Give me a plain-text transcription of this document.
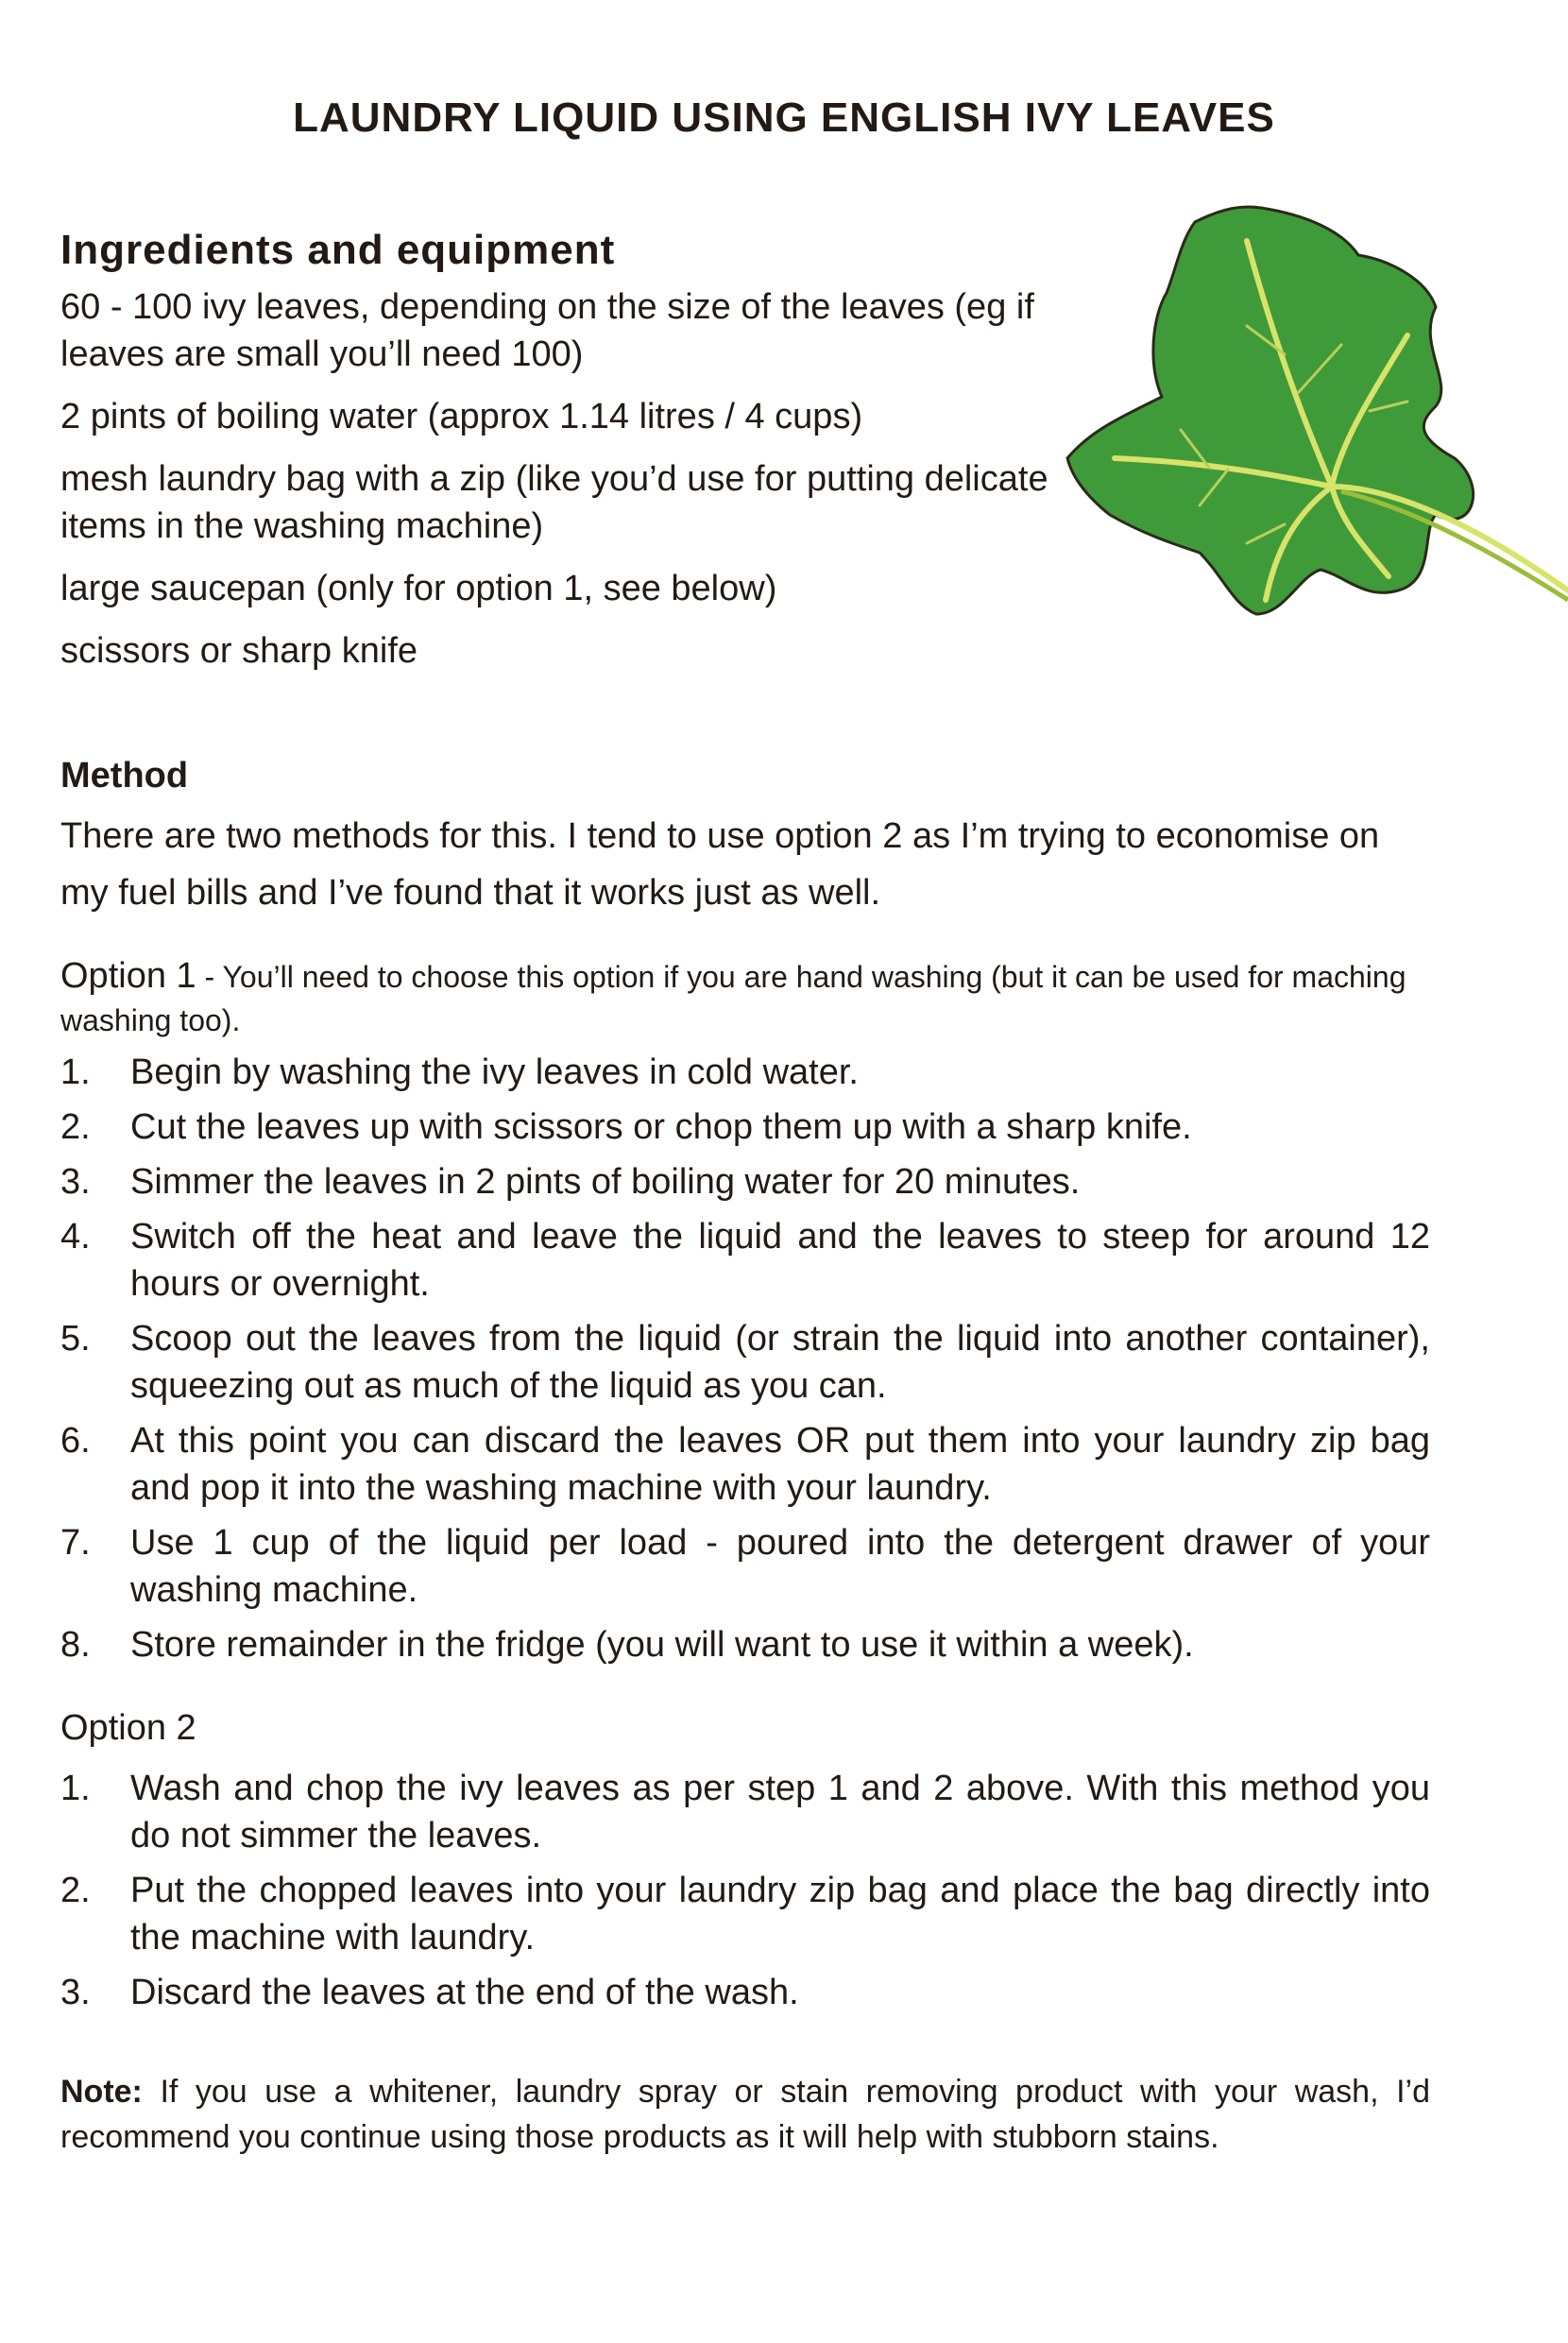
LAUNDRY LIQUID USING ENGLISH IVY LEAVES
Ingredients and equipment
60 - 100 ivy leaves, depending on the size of the leaves (eg if leaves are small you’ll need 100)
2 pints of boiling water (approx 1.14 litres / 4 cups)
mesh laundry bag with a zip (like you’d use for putting delicate items in the washing machine)
large saucepan (only for option 1, see below)
scissors or sharp knife
Method

There are two methods for this. I tend to use option 2 as I’m trying to economise on my fuel bills and I’ve found that it works just as well.

Option 1 - You’ll need to choose this option if you are hand washing (but it can be used for maching washing too).

1.	Begin by washing the ivy leaves in cold water.
2.	Cut the leaves up with scissors or chop them up with a sharp knife.
3.	Simmer the leaves in 2 pints of boiling water for 20 minutes.
4.	Switch off the heat and leave the liquid and the leaves to steep for around 12 hours or overnight.
5.	Scoop out the leaves from the liquid (or strain the liquid into another container), squeezing out as much of the liquid as you can.
6.	At this point you can discard the leaves OR put them into your laundry zip bag and pop it into the washing machine with your laundry.
7.	Use 1 cup of the liquid per load - poured into the detergent drawer of your washing machine.
8.	Store remainder in the fridge (you will want to use it within a week).

Option 2

1.	Wash and chop the ivy leaves as per step 1 and 2 above. With this method you do not simmer the leaves.
2.	Put the chopped leaves into your laundry zip bag and place the bag directly into the machine with laundry.
3.	Discard the leaves at the end of the wash.

Note: If you use a whitener, laundry spray or stain removing product with your wash, I’d recommend you continue using those products as it will help with stubborn stains.
